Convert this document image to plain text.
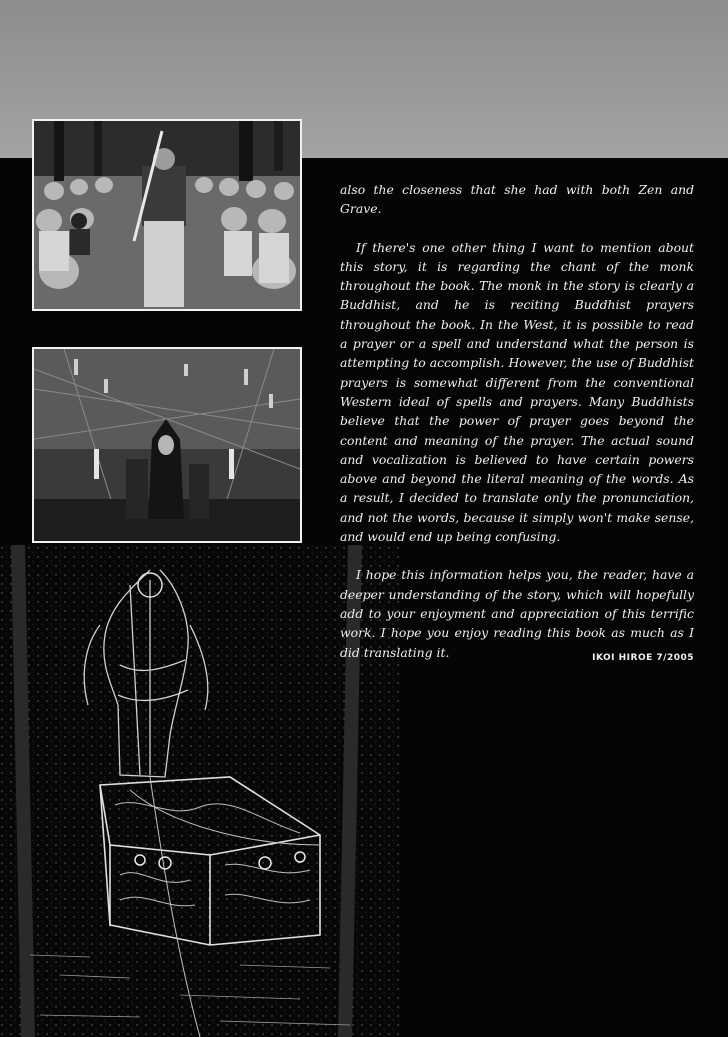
also the closeness that she had with both Zen and Grave.

If there's one other thing I want to mention about this story, it is regarding the chant of the monk throughout the book. The monk in the story is clearly a Buddhist, and he is reciting Buddhist prayers throughout the book. In the West, it is possible to read a prayer or a spell and understand what the person is attempting to accomplish. However, the use of Buddhist prayers is somewhat different from the conventional Western ideal of spells and prayers. Many Buddhists believe that the power of prayer goes beyond the content and meaning of the prayer. The actual sound and vocalization is believed to have certain powers above and beyond the literal meaning of the words. As a result, I decided to translate only the pronunciation, and not the words, because it simply won't make sense, and would end up being confusing.

I hope this information helps you, the reader, have a deeper understanding of the story, which will hopefully add to your enjoyment and appreciation of this terrific work. I hope you enjoy reading this book as much as I did translating it.	IKOI HIROE 7/2005
